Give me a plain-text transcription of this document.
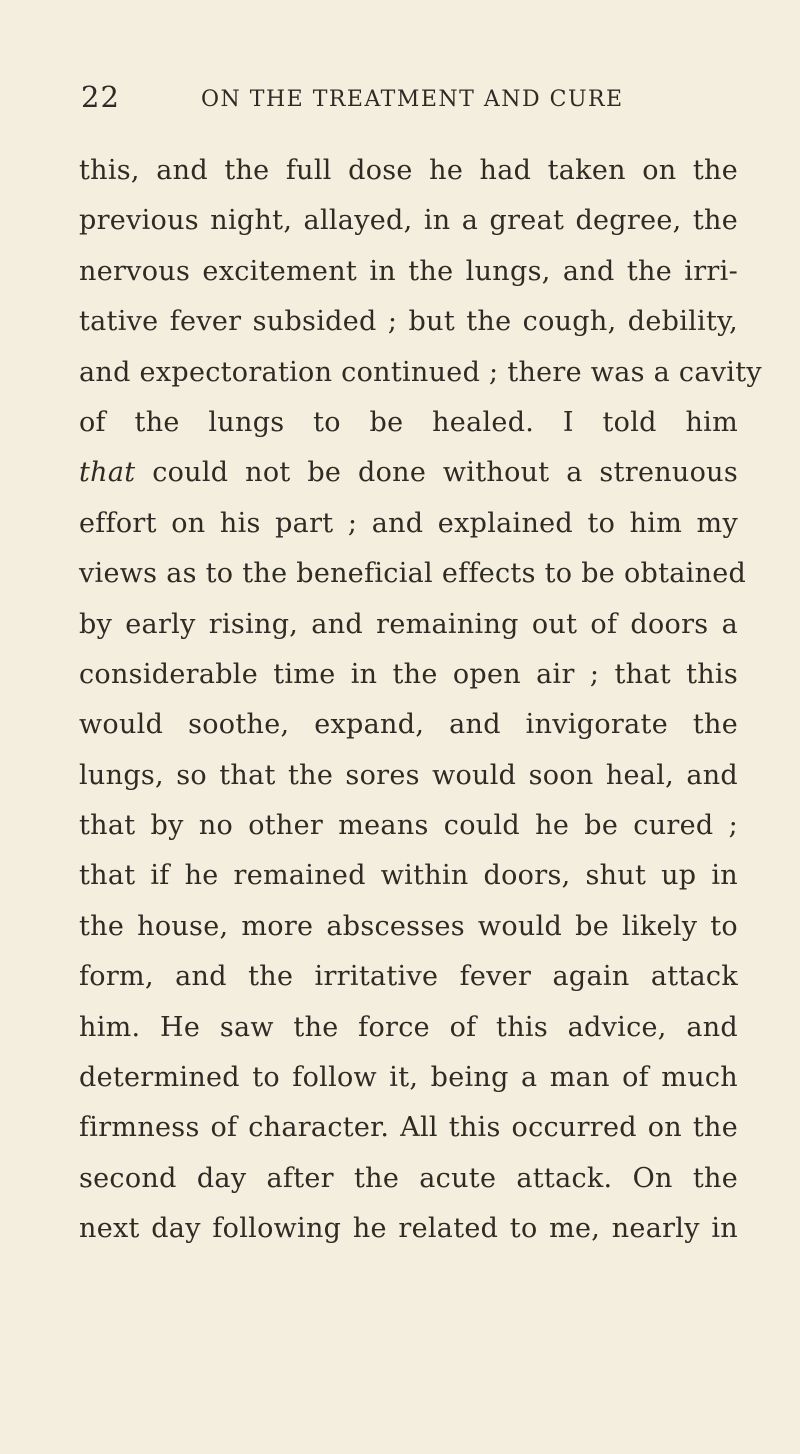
22	ON THE TREATMENT AND CURE
this, and the full dose he had taken on the
previous night, allayed, in a great degree, the
nervous excitement in the lungs, and the irri-
tative fever subsided ; but the cough, debility,
and expectoration continued ; there was a cavity
of the lungs to be healed. I told him
that could not be done without a strenuous
effort on his part ; and explained to him my
views as to the beneficial effects to be obtained
by early rising, and remaining out of doors a
considerable time in the open air ; that this
would soothe, expand, and invigorate the
lungs, so that the sores would soon heal, and
that by no other means could he be cured ;
that if he remained within doors, shut up in
the house, more abscesses would be likely to
form, and the irritative fever again attack
him. He saw the force of this advice, and
determined to follow it, being a man of much
firmness of character. All this occurred on the
second day after the acute attack. On the
next day following he related to me, nearly in
